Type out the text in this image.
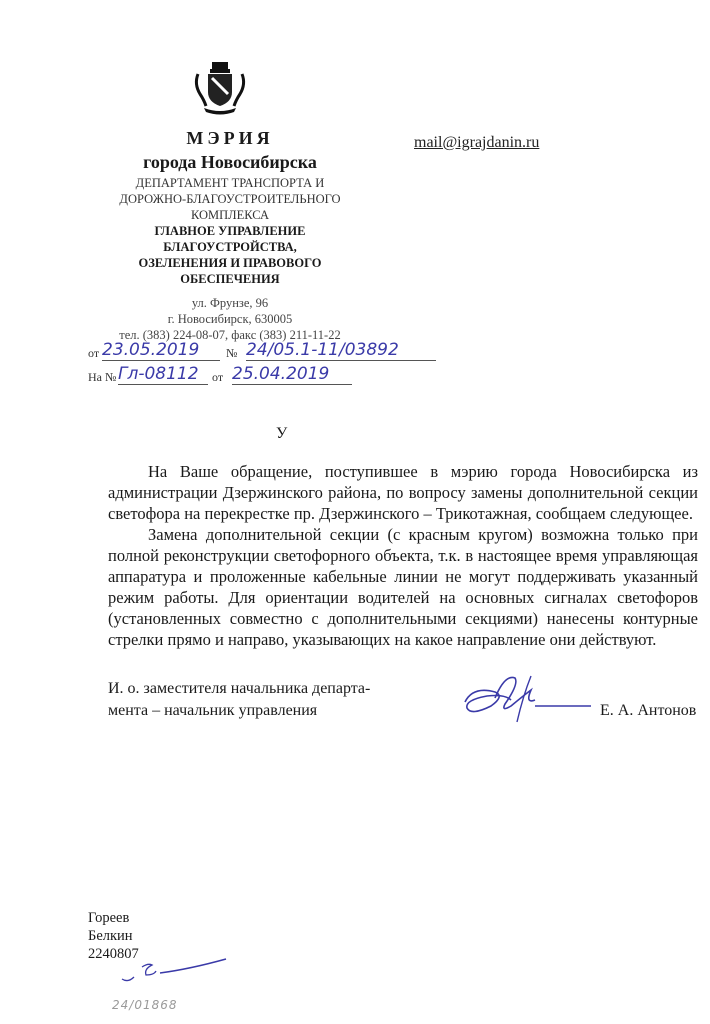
МЭРИЯ
города Новосибирска
ДЕПАРТАМЕНТ ТРАНСПОРТА И
ДОРОЖНО-БЛАГОУСТРОИТЕЛЬНОГО
КОМПЛЕКСА
ГЛАВНОЕ УПРАВЛЕНИЕ
БЛАГОУСТРОЙСТВА,
ОЗЕЛЕНЕНИЯ И ПРАВОВОГО
ОБЕСПЕЧЕНИЯ
ул. Фрунзе, 96
г. Новосибирск, 630005
тел. (383) 224-08-07, факс (383) 211-11-22
mail@igrajdanin.ru
от 23.05.2019	№ 24/05.1-11/03892
На № Гл-08112	от 25.04.2019
У
На Ваше обращение, поступившее в мэрию города Новосибирска из администрации Дзержинского района, по вопросу замены дополнительной секции светофора на перекрестке пр. Дзержинского – Трикотажная, сообщаем следующее.
Замена дополнительной секции (с красным кругом) возможна только при полной реконструкции светофорного объекта, т.к. в настоящее время управляющая аппаратура и проложенные кабельные линии не могут поддерживать указанный режим работы. Для ориентации водителей на основных сигналах светофоров (установленных совместно с дополнительными секциями) нанесены контурные стрелки прямо и направо, указывающих на какое направление они действуют.
И. о. заместителя начальника департа-
мента – начальник управления	Е. А. Антонов
Гореев
Белкин
2240807
24/01868
